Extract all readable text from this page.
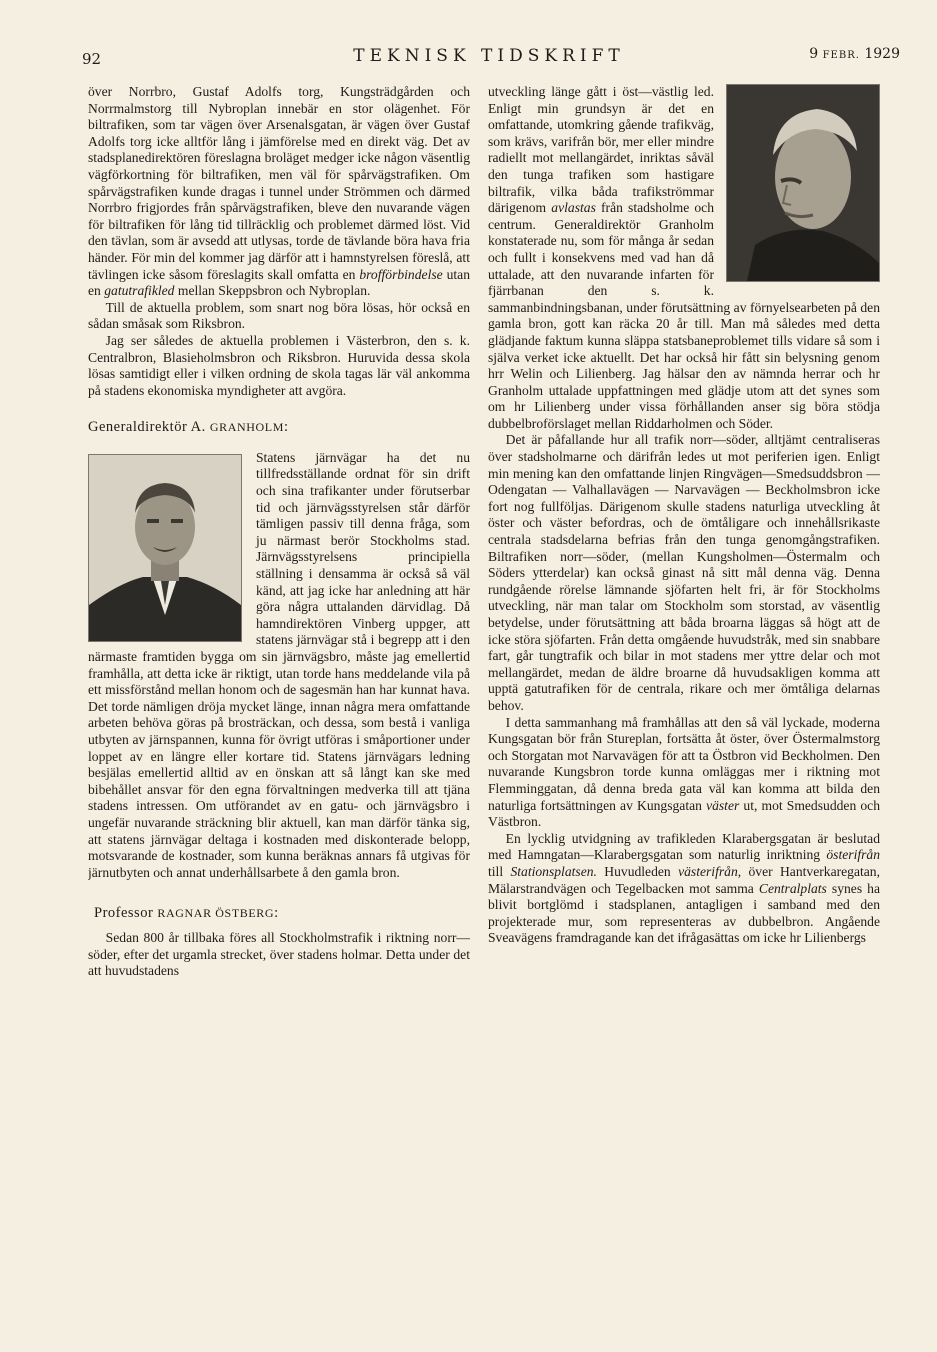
92	TEKNISK TIDSKRIFT	9 FEBR. 1929

över Norrbro, Gustaf Adolfs torg, Kungsträdgården och Norrmalmstorg till Nybroplan innebär en stor olägenhet. För biltrafiken, som tar vägen över Arsenalsgatan, är vägen över Gustaf Adolfs torg icke alltför lång i jämförelse med en direkt väg. Det av stadsplanedirektören föreslagna broläget medger icke någon väsentlig vägförkortning för biltrafiken, men väl för spårvägstrafiken. Om spårvägstrafiken kunde dragas i tunnel under Strömmen och därmed Norrbro frigjordes från spårvägstrafiken, bleve den nuvarande vägen för biltrafiken för lång tid tillräcklig och problemet därmed löst. Vid den tävlan, som är avsedd att utlysas, torde de tävlande böra hava fria händer. För min del kommer jag därför att i hamnstyrelsen föreslå, att tävlingen icke såsom föreslagits skall omfatta en brofförbindelse utan en gatutrafikled mellan Skeppsbron och Nybroplan.

Till de aktuella problem, som snart nog böra lösas, hör också en sådan småsak som Riksbron.

Jag ser således de aktuella problemen i Västerbron, den s. k. Centralbron, Blasieholmsbron och Riksbron. Huruvida dessa skola lösas samtidigt eller i vilken ordning de skola tagas lär väl ankomma på stadens ekonomiska myndigheter att avgöra.

Generaldirektör A. GRANHOLM:

Statens järnvägar ha det nu tillfredsställande ordnat för sin drift och sina trafikanter under förutserbar tid och järnvägsstyrelsen står därför tämligen passiv till denna fråga, som ju närmast berör Stockholms stad. Järnvägsstyrelsens principiella ställning i densamma är också så väl känd, att jag icke har anledning att här göra några uttalanden därvidlag. Då hamndirektören Vinberg uppger, att statens järnvägar stå i begrepp att i den närmaste framtiden bygga om sin järnvägsbro, måste jag emellertid framhålla, att detta icke är riktigt, utan torde hans meddelande vila på ett missförstånd mellan honom och de sagesmän han har kunnat hava. Det torde nämligen dröja mycket länge, innan några mera omfattande arbeten behöva göras på brosträckan, och dessa, som bestå i vanliga utbyten av järnspannen, kunna för övrigt utföras i småportioner under loppet av en längre eller kortare tid. Statens järnvägars ledning besjälas emellertid alltid av en önskan att så långt kan ske med bibehållet ansvar för den egna förvaltningen medverka till att tjäna stadens intressen. Om utförandet av en gatu- och järnvägsbro i ungefär nuvarande sträckning blir aktuell, kan man därför tänka sig, att statens järnvägar deltaga i kostnaden med diskonterade belopp, motsvarande de kostnader, som kunna beräknas annars få utgivas för järnutbyten och annat underhållsarbete å den gamla bron.

Professor RAGNAR ÖSTBERG:

Sedan 800 år tillbaka föres all Stockholmstrafik i riktning norr—söder, efter det urgamla strecket, över stadens holmar. Detta under det att huvudstadens

utveckling länge gått i öst—västlig led. Enligt min grundsyn är det en omfattande, utomkring gående trafikväg, som krävs, varifrån bör, mer eller mindre radiellt mot mellangärdet, inriktas såväl den tunga trafiken som hastigare biltrafik, vilka båda trafikströmmar därigenom avlastas från stadsholme och centrum. Generaldirektör Granholm konstaterade nu, som för många år sedan och fullt i konsekvens med vad han då uttalade, att den nuvarande infarten för fjärrbanan den s. k. sammanbindningsbanan, under förutsättning av förnyelsearbeten på den gamla bron, gott kan räcka 20 år till. Man må således med detta glädjande faktum kunna släppa statsbaneproblemet tills vidare så som i själva verket icke aktuellt. Det har också hir fått sin belysning genom hrr Welin och Lilienberg. Jag hälsar den av nämnda herrar och hr Granholm uttalade uppfattningen med glädje utom att det synes som om hr Lilienberg under vissa förhållanden anser sig böra stödja dubbelbroförslaget mellan Riddarholmen och Söder.

Det är påfallande hur all trafik norr—söder, alltjämt centraliseras över stadsholmarne och därifrån ledes ut mot periferien igen. Enligt min mening kan den omfattande linjen Ringvägen—Smedsuddsbron — Odengatan — Valhallavägen — Narvavägen — Beckholmsbron icke fort nog fullföljas. Därigenom skulle stadens naturliga utveckling åt öster och väster befordras, och de ömtåligare och innehållsrikaste centrala stadsdelarna befrias från den tunga genomgångstrafiken. Biltrafiken norr—söder, (mellan Kungsholmen—Östermalm och Söders ytterdelar) kan också ginast nå sitt mål denna väg. Denna rundgående rörelse lämnande sjöfarten helt fri, är för Stockholms utveckling, när man talar om Stockholm som storstad, av väsentlig betydelse, under förutsättning att båda broarna läggas så högt att de icke störa sjöfarten. Från detta omgående huvudstråk, med sin snabbare fart, går tungtrafik och bilar in mot stadens mer yttre delar och mot mellangärdet, medan de äldre broarne då huvudsakligen komma att upptä gatutrafiken för de centrala, rikare och mer ömtåliga delarnas behov.

I detta sammanhang må framhållas att den så väl lyckade, moderna Kungsgatan bör från Stureplan, fortsätta åt öster, över Östermalmstorg och Storgatan mot Narvavägen för att ta Östbron vid Beckholmen. Den nuvarande Kungsbron torde kunna omläggas mer i riktning mot Flemminggatan, då denna breda gata väl kan komma att bilda den naturliga fortsättningen av Kungsgatan väster ut, mot Smedsudden och Västbron.

En lycklig utvidgning av trafikleden Klarabergsgatan är beslutad med Hamngatan—Klarabergsgatan som naturlig inriktning österifrån till Stationsplatsen. Huvudleden västerifrån, över Hantverkaregatan, Mälarstrandvägen och Tegelbacken mot samma Centralplats synes ha blivit bortglömd i stadsplanen, antagligen i samband med den projekterade mur, som representeras av dubbelbron. Angående Sveavägens framdragande kan det ifrågasättas om icke hr Lilienbergs
